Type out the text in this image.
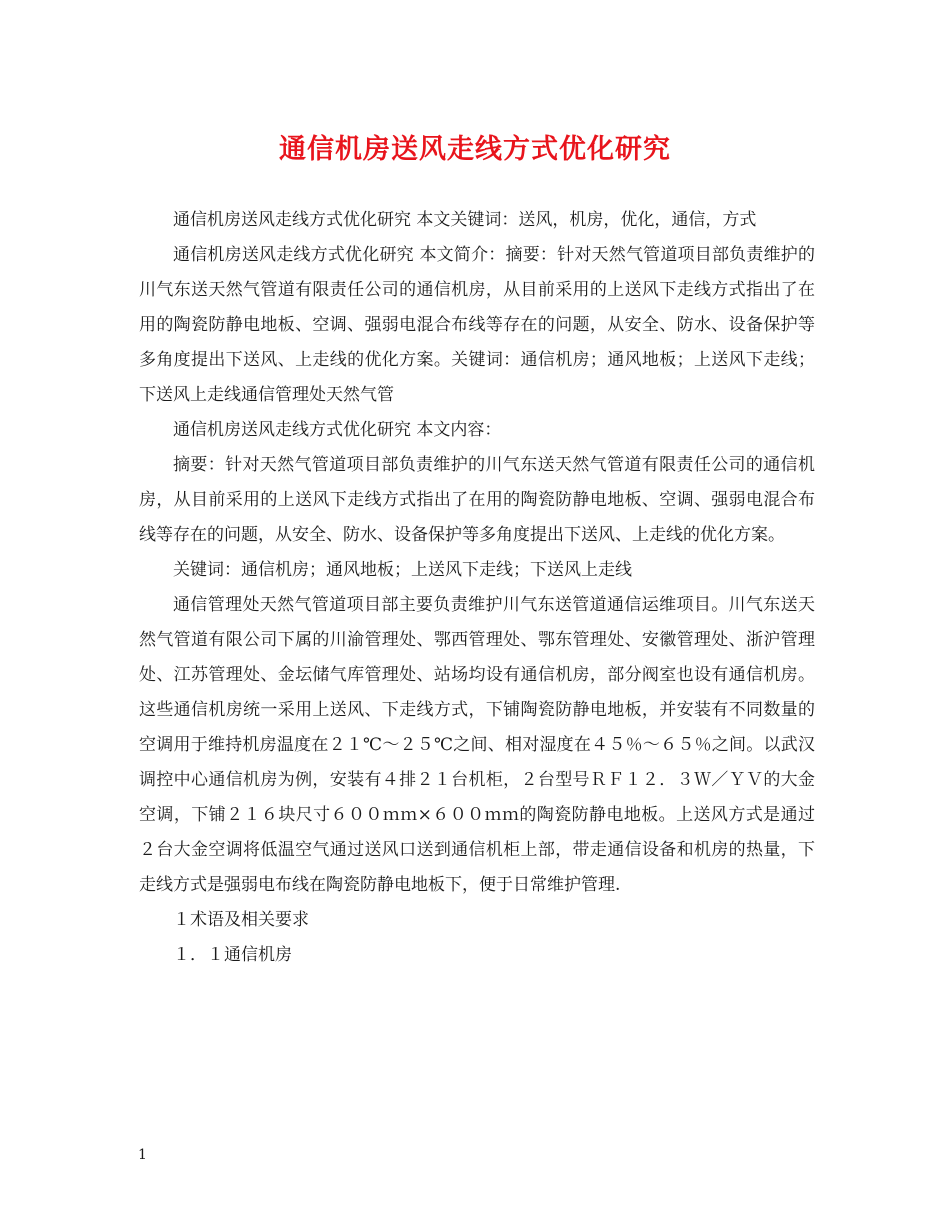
通信机房送风走线方式优化研究

通信机房送风走线方式优化研究 本文关键词：送风，机房，优化，通信，方式

通信机房送风走线方式优化研究 本文简介：摘要：针对天然气管道项目部负责维护的川气东送天然气管道有限责任公司的通信机房，从目前采用的上送风下走线方式指出了在用的陶瓷防静电地板、空调、强弱电混合布线等存在的问题，从安全、防水、设备保护等多角度提出下送风、上走线的优化方案。关键词：通信机房；通风地板；上送风下走线；下送风上走线通信管理处天然气管

通信机房送风走线方式优化研究 本文内容：

摘要：针对天然气管道项目部负责维护的川气东送天然气管道有限责任公司的通信机房，从目前采用的上送风下走线方式指出了在用的陶瓷防静电地板、空调、强弱电混合布线等存在的问题，从安全、防水、设备保护等多角度提出下送风、上走线的优化方案。

关键词：通信机房；通风地板；上送风下走线；下送风上走线

通信管理处天然气管道项目部主要负责维护川气东送管道通信运维项目。川气东送天然气管道有限公司下属的川渝管理处、鄂西管理处、鄂东管理处、安徽管理处、浙沪管理处、江苏管理处、金坛储气库管理处、站场均设有通信机房，部分阀室也设有通信机房。这些通信机房统一采用上送风、下走线方式，下铺陶瓷防静电地板，并安装有不同数量的空调用于维持机房温度在２１℃～２５℃之间、相对湿度在４５％～６５％之间。以武汉调控中心通信机房为例，安装有４排２１台机柜，２台型号ＲＦ１２．３Ｗ／ＹＶ的大金空调，下铺２１６块尺寸６００ｍｍ×６００ｍｍ的陶瓷防静电地板。上送风方式是通过２台大金空调将低温空气通过送风口送到通信机柜上部，带走通信设备和机房的热量，下走线方式是强弱电布线在陶瓷防静电地板下，便于日常维护管理.

１术语及相关要求

１．１通信机房

1
